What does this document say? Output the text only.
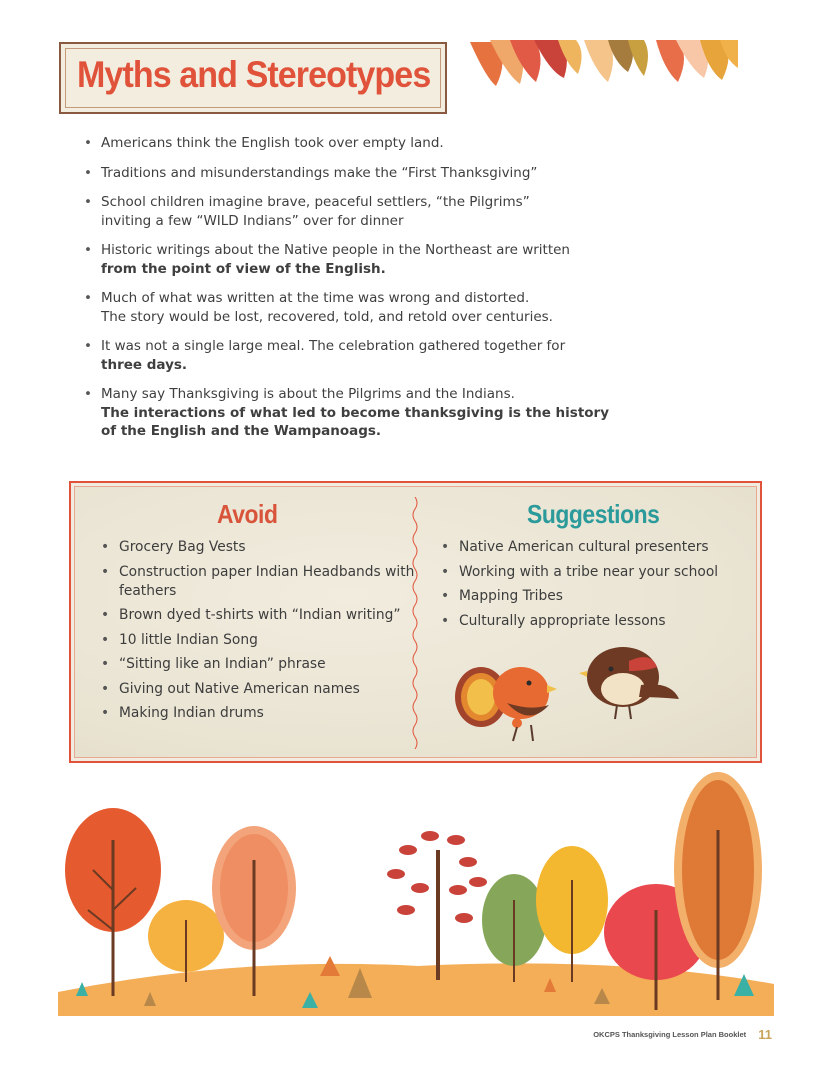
Myths and Stereotypes
• Americans think the English took over empty land.
• Traditions and misunderstandings make the “First Thanksgiving”
• School children imagine brave, peaceful settlers, “the Pilgrims”
inviting a few “WILD Indians” over for dinner
• Historic writings about the Native people in the Northeast are written
from the point of view of the English.
• Much of what was written at the time was wrong and distorted.
The story would be lost, recovered, told, and retold over centuries.
• It was not a single large meal. The celebration gathered together for
three days.
• Many say Thanksgiving is about the Pilgrims and the Indians.
The interactions of what led to become thanksgiving is the history
of the English and the Wampanoags.
Avoid	Suggestions
• Grocery Bag Vests
• Construction paper Indian Headbands with feathers
• Brown dyed t-shirts with “Indian writing”
• 10 little Indian Song
• “Sitting like an Indian” phrase
• Giving out Native American names
• Making Indian drums
• Native American cultural presenters
• Working with a tribe near your school
• Mapping Tribes
• Culturally appropriate lessons
OKCPS Thanksgiving Lesson Plan Booklet 11
